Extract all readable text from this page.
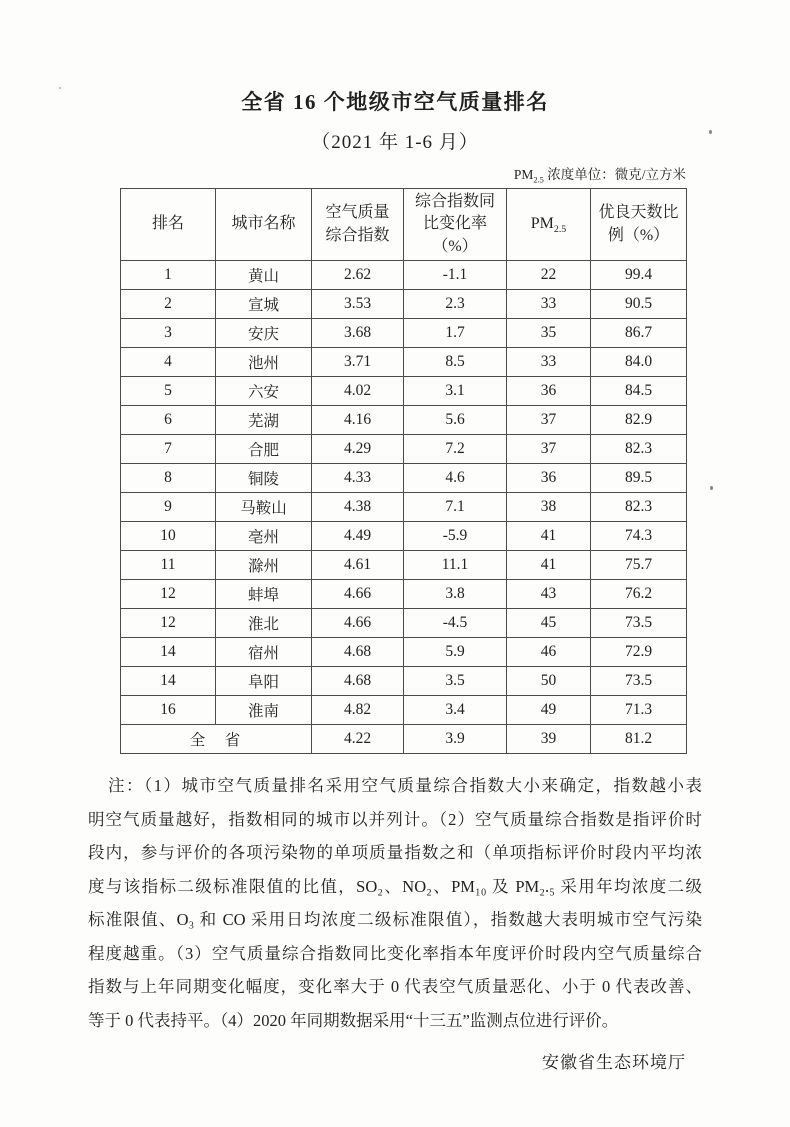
全省 16 个地级市空气质量排名
（2021 年 1-6 月）
$PM_{2.5}$ 浓度单位：微克/立方米
排名	城市名称	空气质量综合指数	综合指数同比变化率（%）	$PM_{2.5}$	优良天数比例（%）
1	黄山	2.62	-1.1	22	99.4
2	宣城	3.53	2.3	33	90.5
3	安庆	3.68	1.7	35	86.7
4	池州	3.71	8.5	33	84.0
5	六安	4.02	3.1	36	84.5
6	芜湖	4.16	5.6	37	82.9
7	合肥	4.29	7.2	37	82.3
8	铜陵	4.33	4.6	36	89.5
9	马鞍山	4.38	7.1	38	82.3
10	亳州	4.49	-5.9	41	74.3
11	滁州	4.61	11.1	41	75.7
12	蚌埠	4.66	3.8	43	76.2
12	淮北	4.66	-4.5	45	73.5
14	宿州	4.68	5.9	46	72.9
14	阜阳	4.68	3.5	50	73.5
16	淮南	4.82	3.4	49	71.3
全　省		4.22	3.9	39	81.2
注：（1）城市空气质量排名采用空气质量综合指数大小来确定，指数越小表
明空气质量越好，指数相同的城市以并列计。（2）空气质量综合指数是指评价时
段内，参与评价的各项污染物的单项质量指数之和（单项指标评价时段内平均浓
度与该指标二级标准限值的比值，SO₂、NO₂、PM₁₀ 及 PM₂.₅ 采用年均浓度二级
标准限值、O₃ 和 CO 采用日均浓度二级标准限值），指数越大表明城市空气污染
程度越重。（3）空气质量综合指数同比变化率指本年度评价时段内空气质量综合
指数与上年同期变化幅度，变化率大于 0 代表空气质量恶化、小于 0 代表改善、
等于 0 代表持平。（4）2020 年同期数据采用“十三五”监测点位进行评价。
安徽省生态环境厅
